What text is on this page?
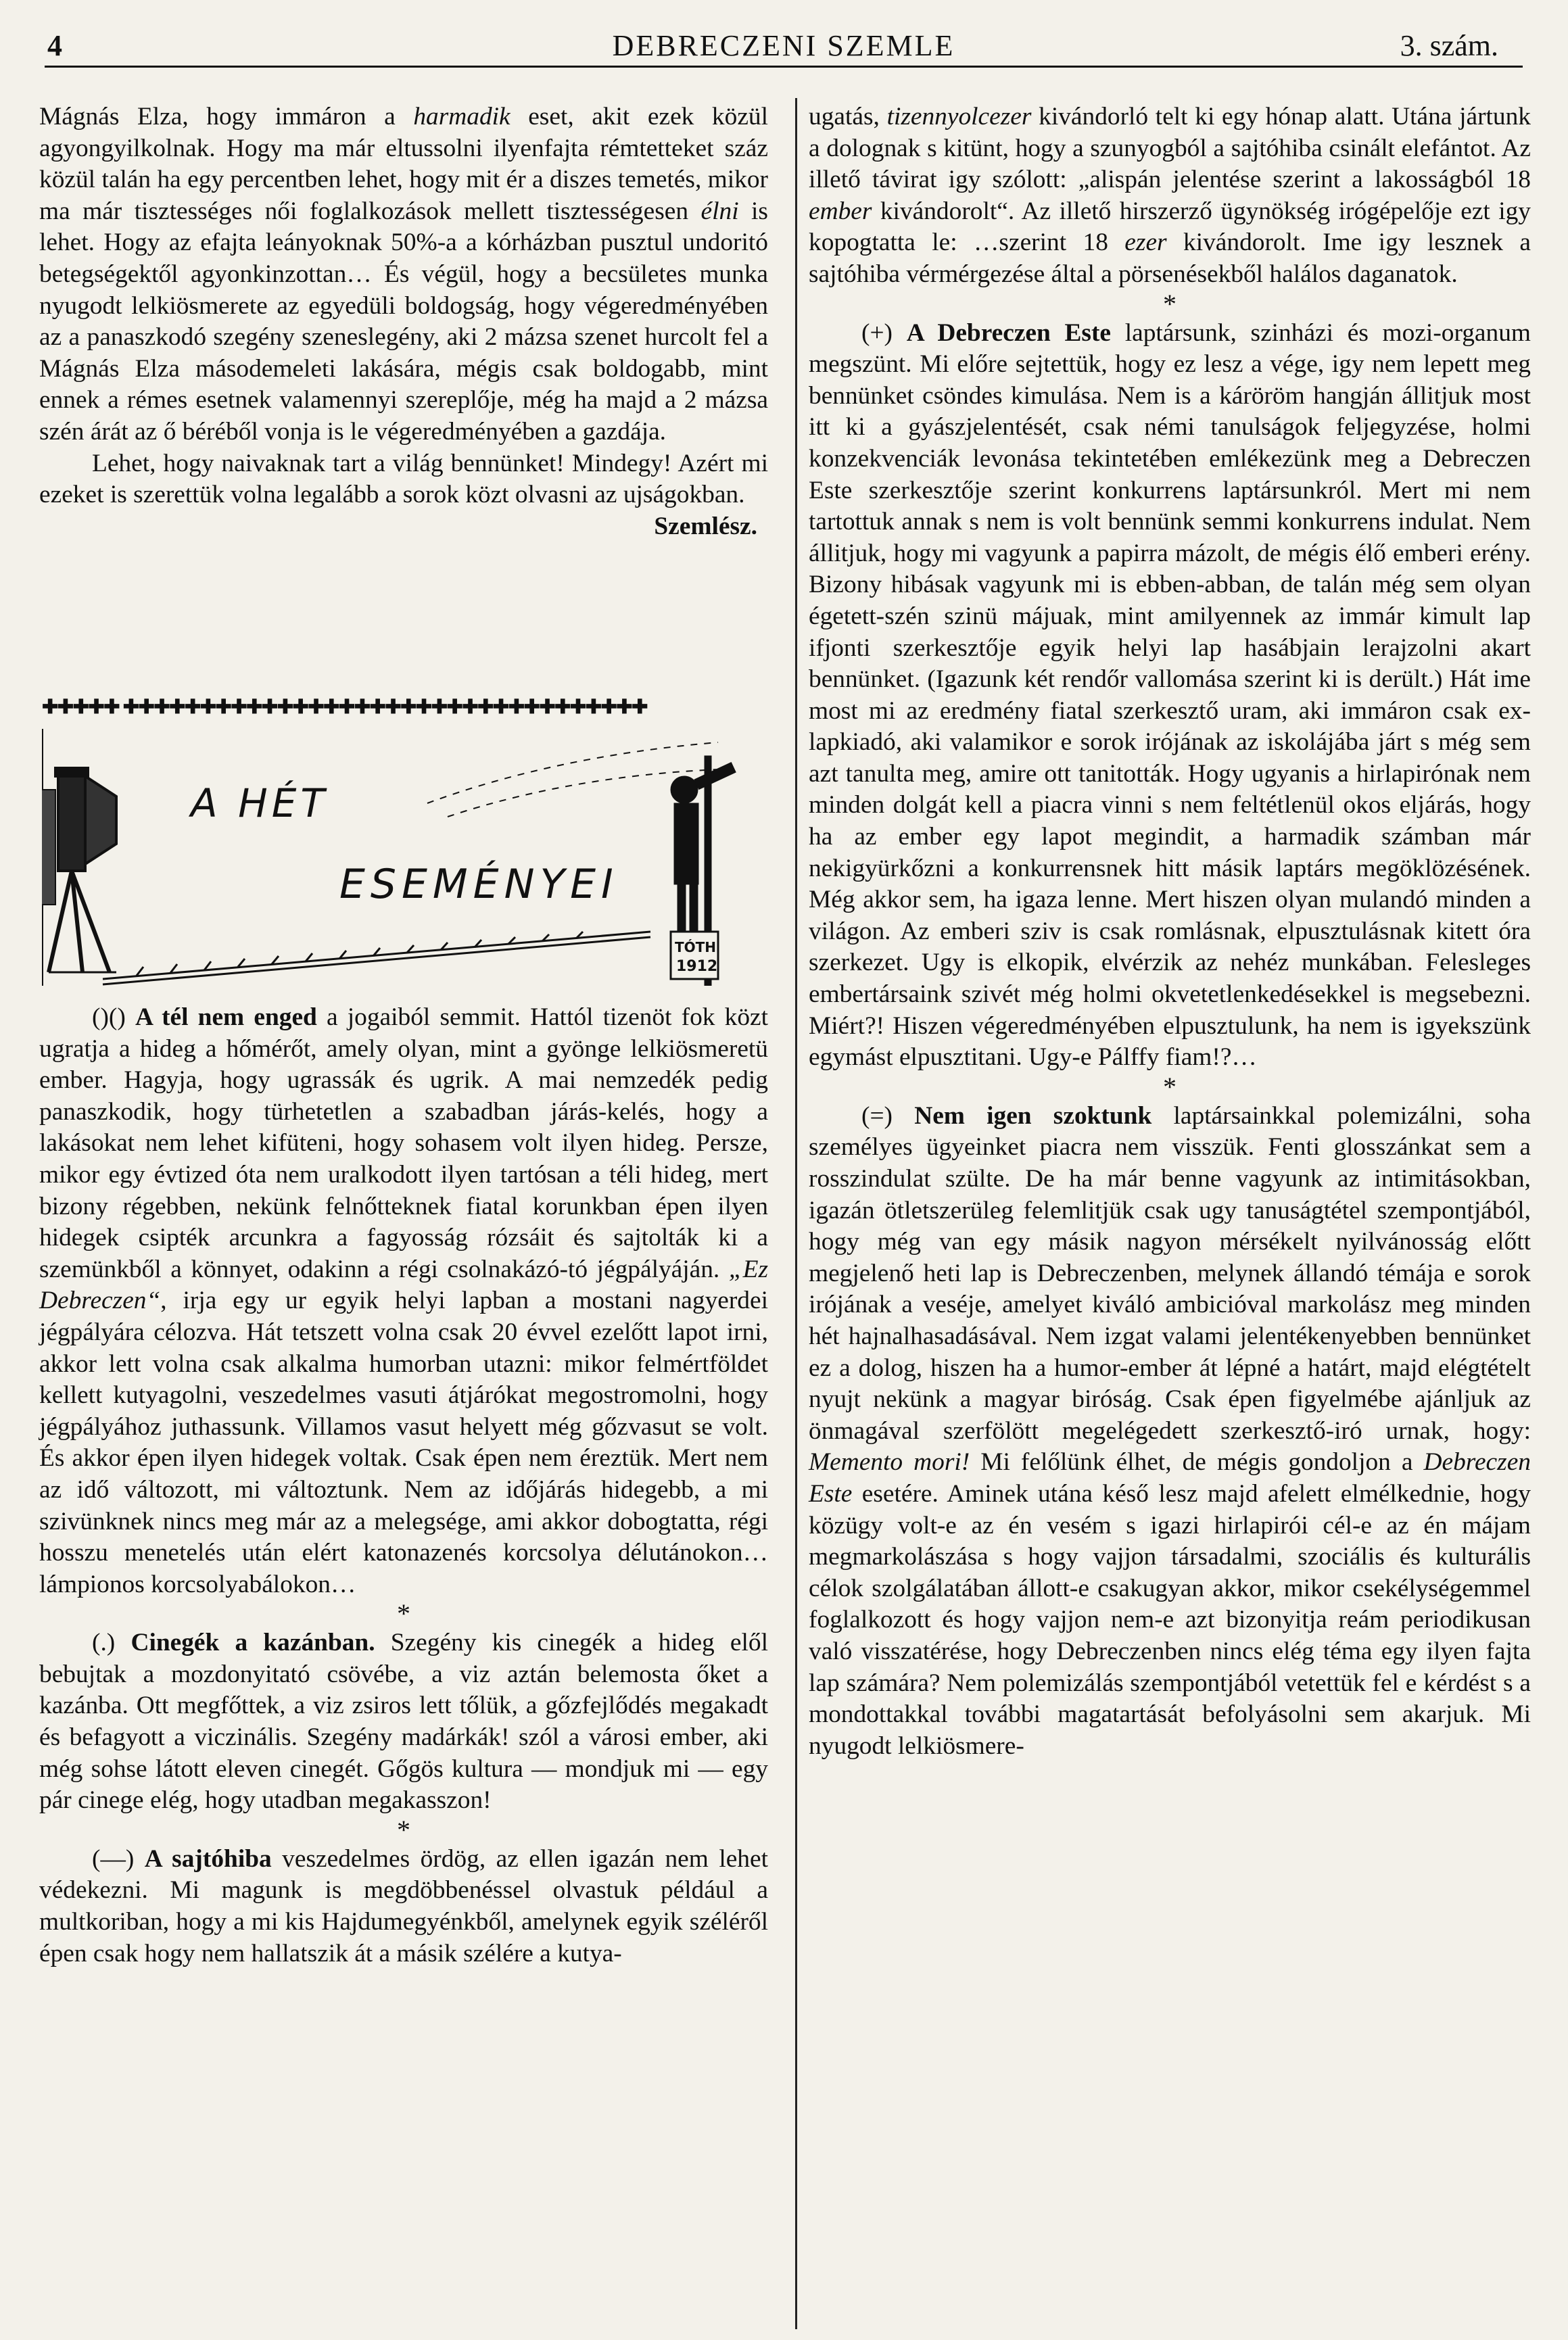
4	DEBRECZENI SZEMLE	3. szám.

Mágnás Elza, hogy immáron a harmadik eset, akit ezek közül agyongyilkolnak. Hogy ma már eltussolni ilyenfajta rémtetteket száz közül talán ha egy percentben lehet, hogy mit ér a diszes temetés, mikor ma már tisztességes női foglalkozások mellett tisztességesen élni is lehet. Hogy az efajta leányoknak 50%-a a kórházban pusztul undoritó betegségektől agyonkinzottan… És végül, hogy a becsületes munka nyugodt lelkiösmerete az egyedüli boldogság, hogy végeredményében az a panaszkodó szegény szeneslegény, aki 2 mázsa szenet hurcolt fel a Mágnás Elza másodemeleti lakására, mégis csak boldogabb, mint ennek a rémes esetnek valamennyi szereplője, még ha majd a 2 mázsa szén árát az ő béréből vonja is le végeredményében a gazdája.

Lehet, hogy naivaknak tart a világ bennünket! Mindegy! Azért mi ezeket is szerettük volna legalább a sorok közt olvasni az ujságokban.

Szemlész.

✚✚✚✚✚ ✚✚✚✚✚✚✚✚✚✚✚✚✚✚✚✚✚✚✚✚✚✚✚✚✚✚✚✚✚✚✚✚✚✚
A HÉT
ESEMÉNYEI
TÓTH
1912

()() A tél nem enged a jogaiból semmit. Hattól tizenöt fok közt ugratja a hideg a hőmérőt, amely olyan, mint a gyönge lelkiösmeretü ember. Hagyja, hogy ugrassák és ugrik. A mai nemzedék pedig panaszkodik, hogy türhetetlen a szabadban járás-kelés, hogy a lakásokat nem lehet kifüteni, hogy sohasem volt ilyen hideg. Persze, mikor egy évtized óta nem uralkodott ilyen tartósan a téli hideg, mert bizony régebben, nekünk felnőtteknek fiatal korunkban épen ilyen hidegek csipték arcunkra a fagyosság rózsáit és sajtolták ki a szemünkből a könnyet, odakinn a régi csolnakázó-tó jégpályáján. „Ez Debreczen“, irja egy ur egyik helyi lapban a mostani nagyerdei jégpályára célozva. Hát tetszett volna csak 20 évvel ezelőtt lapot irni, akkor lett volna csak alkalma humorban utazni: mikor felmértföldet kellett kutyagolni, veszedelmes vasuti átjárókat megostromolni, hogy jégpályához juthassunk. Villamos vasut helyett még gőzvasut se volt. És akkor épen ilyen hidegek voltak. Csak épen nem éreztük. Mert nem az idő változott, mi változtunk. Nem az időjárás hidegebb, a mi szivünknek nincs meg már az a melegsége, ami akkor dobogtatta, régi hosszu menetelés után elért katonazenés korcsolya délutánokon… lámpionos korcsolyabálokon…

*

(.) Cinegék a kazánban. Szegény kis cinegék a hideg elől bebujtak a mozdonyitató csövébe, a viz aztán belemosta őket a kazánba. Ott megfőttek, a viz zsiros lett tőlük, a gőzfejlődés megakadt és befagyott a viczinális. Szegény madárkák! szól a városi ember, aki még sohse látott eleven cinegét. Gőgös kultura — mondjuk mi — egy pár cinege elég, hogy utadban megakasszon!

*

(—) A sajtóhiba veszedelmes ördög, az ellen igazán nem lehet védekezni. Mi magunk is megdöbbenéssel olvastuk például a multkoriban, hogy a mi kis Hajdumegyénkből, amelynek egyik széléről épen csak hogy nem hallatszik át a másik szélére a kutya-

ugatás, tizennyolcezer kivándorló telt ki egy hónap alatt. Utána jártunk a dolognak s kitünt, hogy a szunyogból a sajtóhiba csinált elefántot. Az illető távirat igy szólott: „alispán jelentése szerint a lakosságból 18 ember kivándorolt“. Az illető hirszerző ügynökség irógépelője ezt igy kopogtatta le: …szerint 18 ezer kivándorolt. Ime igy lesznek a sajtóhiba vérmérgezése által a pörsenésekből halálos daganatok.

*

(+) A Debreczen Este laptársunk, szinházi és mozi-organum megszünt. Mi előre sejtettük, hogy ez lesz a vége, igy nem lepett meg bennünket csöndes kimulása. Nem is a káröröm hangján állitjuk most itt ki a gyászjelentését, csak némi tanulságok feljegyzése, holmi konzekvenciák levonása tekintetében emlékezünk meg a Debreczen Este szerkesztője szerint konkurrens laptársunkról. Mert mi nem tartottuk annak s nem is volt bennünk semmi konkurrens indulat. Nem állitjuk, hogy mi vagyunk a papirra mázolt, de mégis élő emberi erény. Bizony hibásak vagyunk mi is ebben-abban, de talán még sem olyan égetett-szén szinü májuak, mint amilyennek az immár kimult lap ifjonti szerkesztője egyik helyi lap hasábjain lerajzolni akart bennünket. (Igazunk két rendőr vallomása szerint ki is derült.) Hát ime most mi az eredmény fiatal szerkesztő uram, aki immáron csak ex-lapkiadó, aki valamikor e sorok irójának az iskolájába járt s még sem azt tanulta meg, amire ott tanitották. Hogy ugyanis a hirlapirónak nem minden dolgát kell a piacra vinni s nem feltétlenül okos eljárás, hogy ha az ember egy lapot megindit, a harmadik számban már nekigyürkőzni a konkurrensnek hitt másik laptárs megöklözésének. Még akkor sem, ha igaza lenne. Mert hiszen olyan mulandó minden a világon. Az emberi sziv is csak romlásnak, elpusztulásnak kitett óra szerkezet. Ugy is elkopik, elvérzik az nehéz munkában. Felesleges embertársaink szivét még holmi okvetetlenkedésekkel is megsebezni. Miért?! Hiszen végeredményében elpusztulunk, ha nem is igyekszünk egymást elpusztitani. Ugy-e Pálffy fiam!?…

*

(=) Nem igen szoktunk laptársainkkal polemizálni, soha személyes ügyeinket piacra nem visszük. Fenti glosszánkat sem a rosszindulat szülte. De ha már benne vagyunk az intimitásokban, igazán ötletszerüleg felemlitjük csak ugy tanuságtétel szempontjából, hogy még van egy másik nagyon mérsékelt nyilvánosság előtt megjelenő heti lap is Debreczenben, melynek állandó témája e sorok irójának a veséje, amelyet kiváló ambicióval markolász meg minden hét hajnalhasadásával. Nem izgat valami jelentékenyebben bennünket ez a dolog, hiszen ha a humor-ember át lépné a határt, majd elégtételt nyujt nekünk a magyar biróság. Csak épen figyelmébe ajánljuk az önmagával szerfölött megelégedett szerkesztő-iró urnak, hogy: Memento mori! Mi felőlünk élhet, de mégis gondoljon a Debreczen Este esetére. Aminek utána késő lesz majd afelett elmélkednie, hogy közügy volt-e az én vesém s igazi hirlapirói cél-e az én májam megmarkolászása s hogy vajjon társadalmi, szociális és kulturális célok szolgálatában állott-e csakugyan akkor, mikor csekélységemmel foglalkozott és hogy vajjon nem-e azt bizonyitja reám periodikusan való visszatérése, hogy Debreczenben nincs elég téma egy ilyen fajta lap számára? Nem polemizálás szempontjából vetettük fel e kérdést s a mondottakkal további magatartását befolyásolni sem akarjuk. Mi nyugodt lelkiösmere-
